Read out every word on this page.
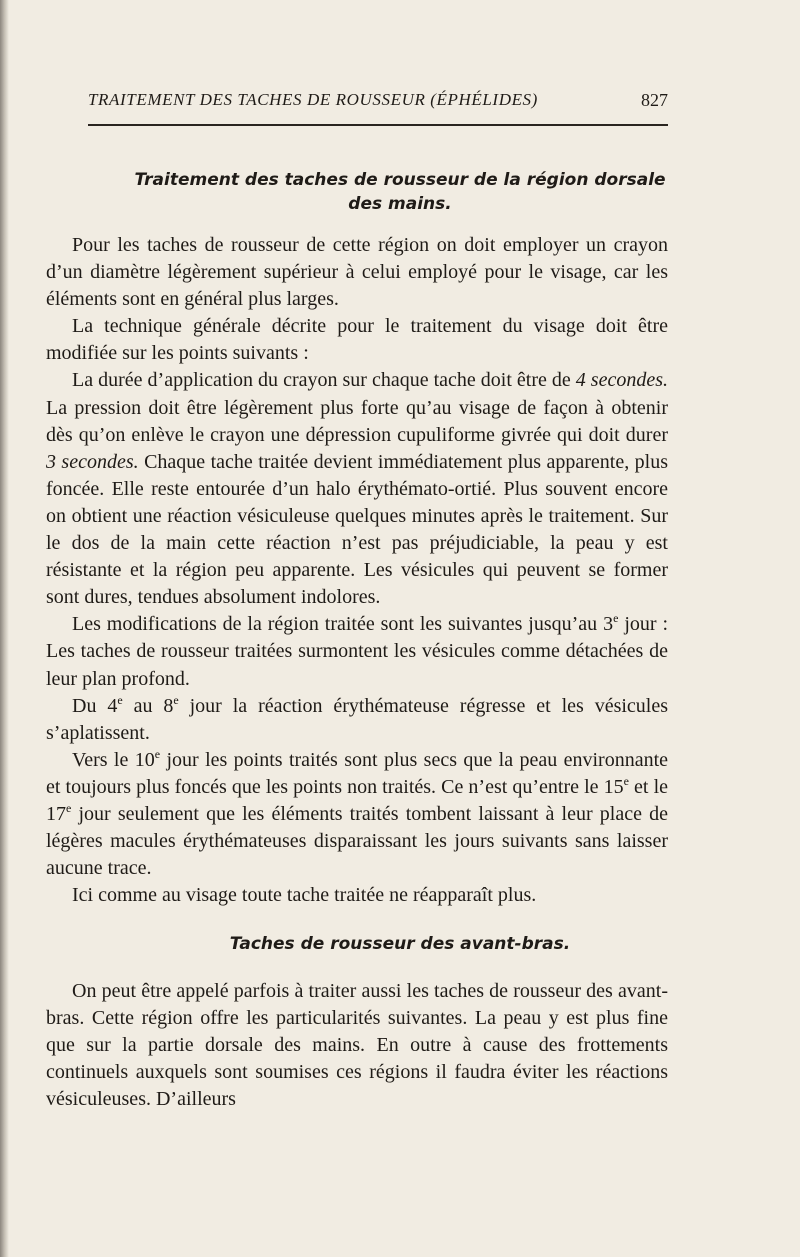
TRAITEMENT DES TACHES DE ROUSSEUR (ÉPHÉLIDES)	827
Traitement des taches de rousseur de la région dorsale
des mains.

Pour les taches de rousseur de cette région on doit employer un crayon d’un diamètre légèrement supérieur à celui employé pour le visage, car les éléments sont en général plus larges.

La technique générale décrite pour le traitement du visage doit être modifiée sur les points suivants :

La durée d’application du crayon sur chaque tache doit être de 4 secondes. La pression doit être légèrement plus forte qu’au visage de façon à obtenir dès qu’on enlève le crayon une dépression cupuliforme givrée qui doit durer 3 secondes. Chaque tache traitée devient immédiatement plus apparente, plus foncée. Elle reste entourée d’un halo érythémato-ortié. Plus souvent encore on obtient une réaction vésiculeuse quelques minutes après le traitement. Sur le dos de la main cette réaction n’est pas préjudiciable, la peau y est résistante et la région peu apparente. Les vésicules qui peuvent se former sont dures, tendues absolument indolores.

Les modifications de la région traitée sont les suivantes jusqu’au 3e jour : Les taches de rousseur traitées surmontent les vésicules comme détachées de leur plan profond.

Du 4e au 8e jour la réaction érythémateuse régresse et les vésicules s’aplatissent.

Vers le 10e jour les points traités sont plus secs que la peau environnante et toujours plus foncés que les points non traités. Ce n’est qu’entre le 15e et le 17e jour seulement que les éléments traités tombent laissant à leur place de légères macules érythémateuses disparaissant les jours suivants sans laisser aucune trace.

Ici comme au visage toute tache traitée ne réapparaît plus.

Taches de rousseur des avant-bras.

On peut être appelé parfois à traiter aussi les taches de rousseur des avant-bras. Cette région offre les particularités suivantes. La peau y est plus fine que sur la partie dorsale des mains. En outre à cause des frottements continuels auxquels sont soumises ces régions il faudra éviter les réactions vésiculeuses. D’ailleurs
